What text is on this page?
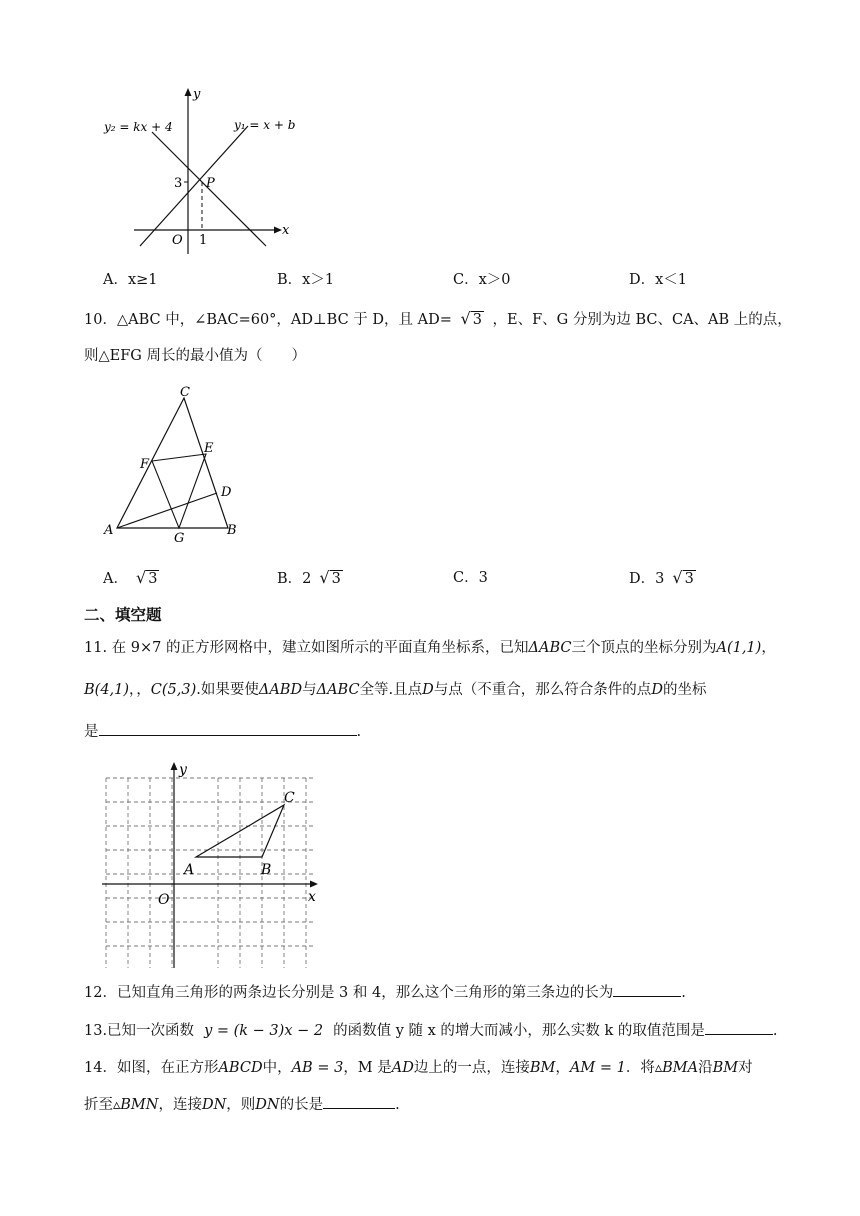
y
x
y₂ = kx + 4	y₁ = x + b
P
O
3
1
A．x≥1	B．x＞1	C．x＞0	D．x＜1
10．△ABC 中，∠BAC=60°，AD⊥BC 于 D，且 AD= √ 3 ，E、F、G 分别为边 BC、CA、AB 上的点，
则△EFG 周长的最小值为（　　）
C
E
F
D
A
G
B
A． √ 3	B．2 √ 3	C．3	D．3 √ 3
二、填空题
11. 在 9×7 的正方形网格中，建立如图所示的平面直角坐标系，已知ΔABC三个顶点的坐标分别为A(1,1)，
B(4,1)，，C(5,3).如果要使ΔABD与ΔABC全等.且点D与点（不重合，那么符合条件的点D的坐标
是	.
y
x
O
A	B
C
12．已知直角三角形的两条边长分别是 3 和 4，那么这个三角形的第三条边的长为	.
13.已知一次函数 y = (k − 3)x − 2 的函数值 y 随 x 的增大而减小，那么实数 k 的取值范围是	.
14．如图，在正方形ABCD中，AB = 3，M 是AD边上的一点，连接BM，AM = 1．将▵BMA沿BM对
折至▵BMN，连接DN，则DN的长是	.
